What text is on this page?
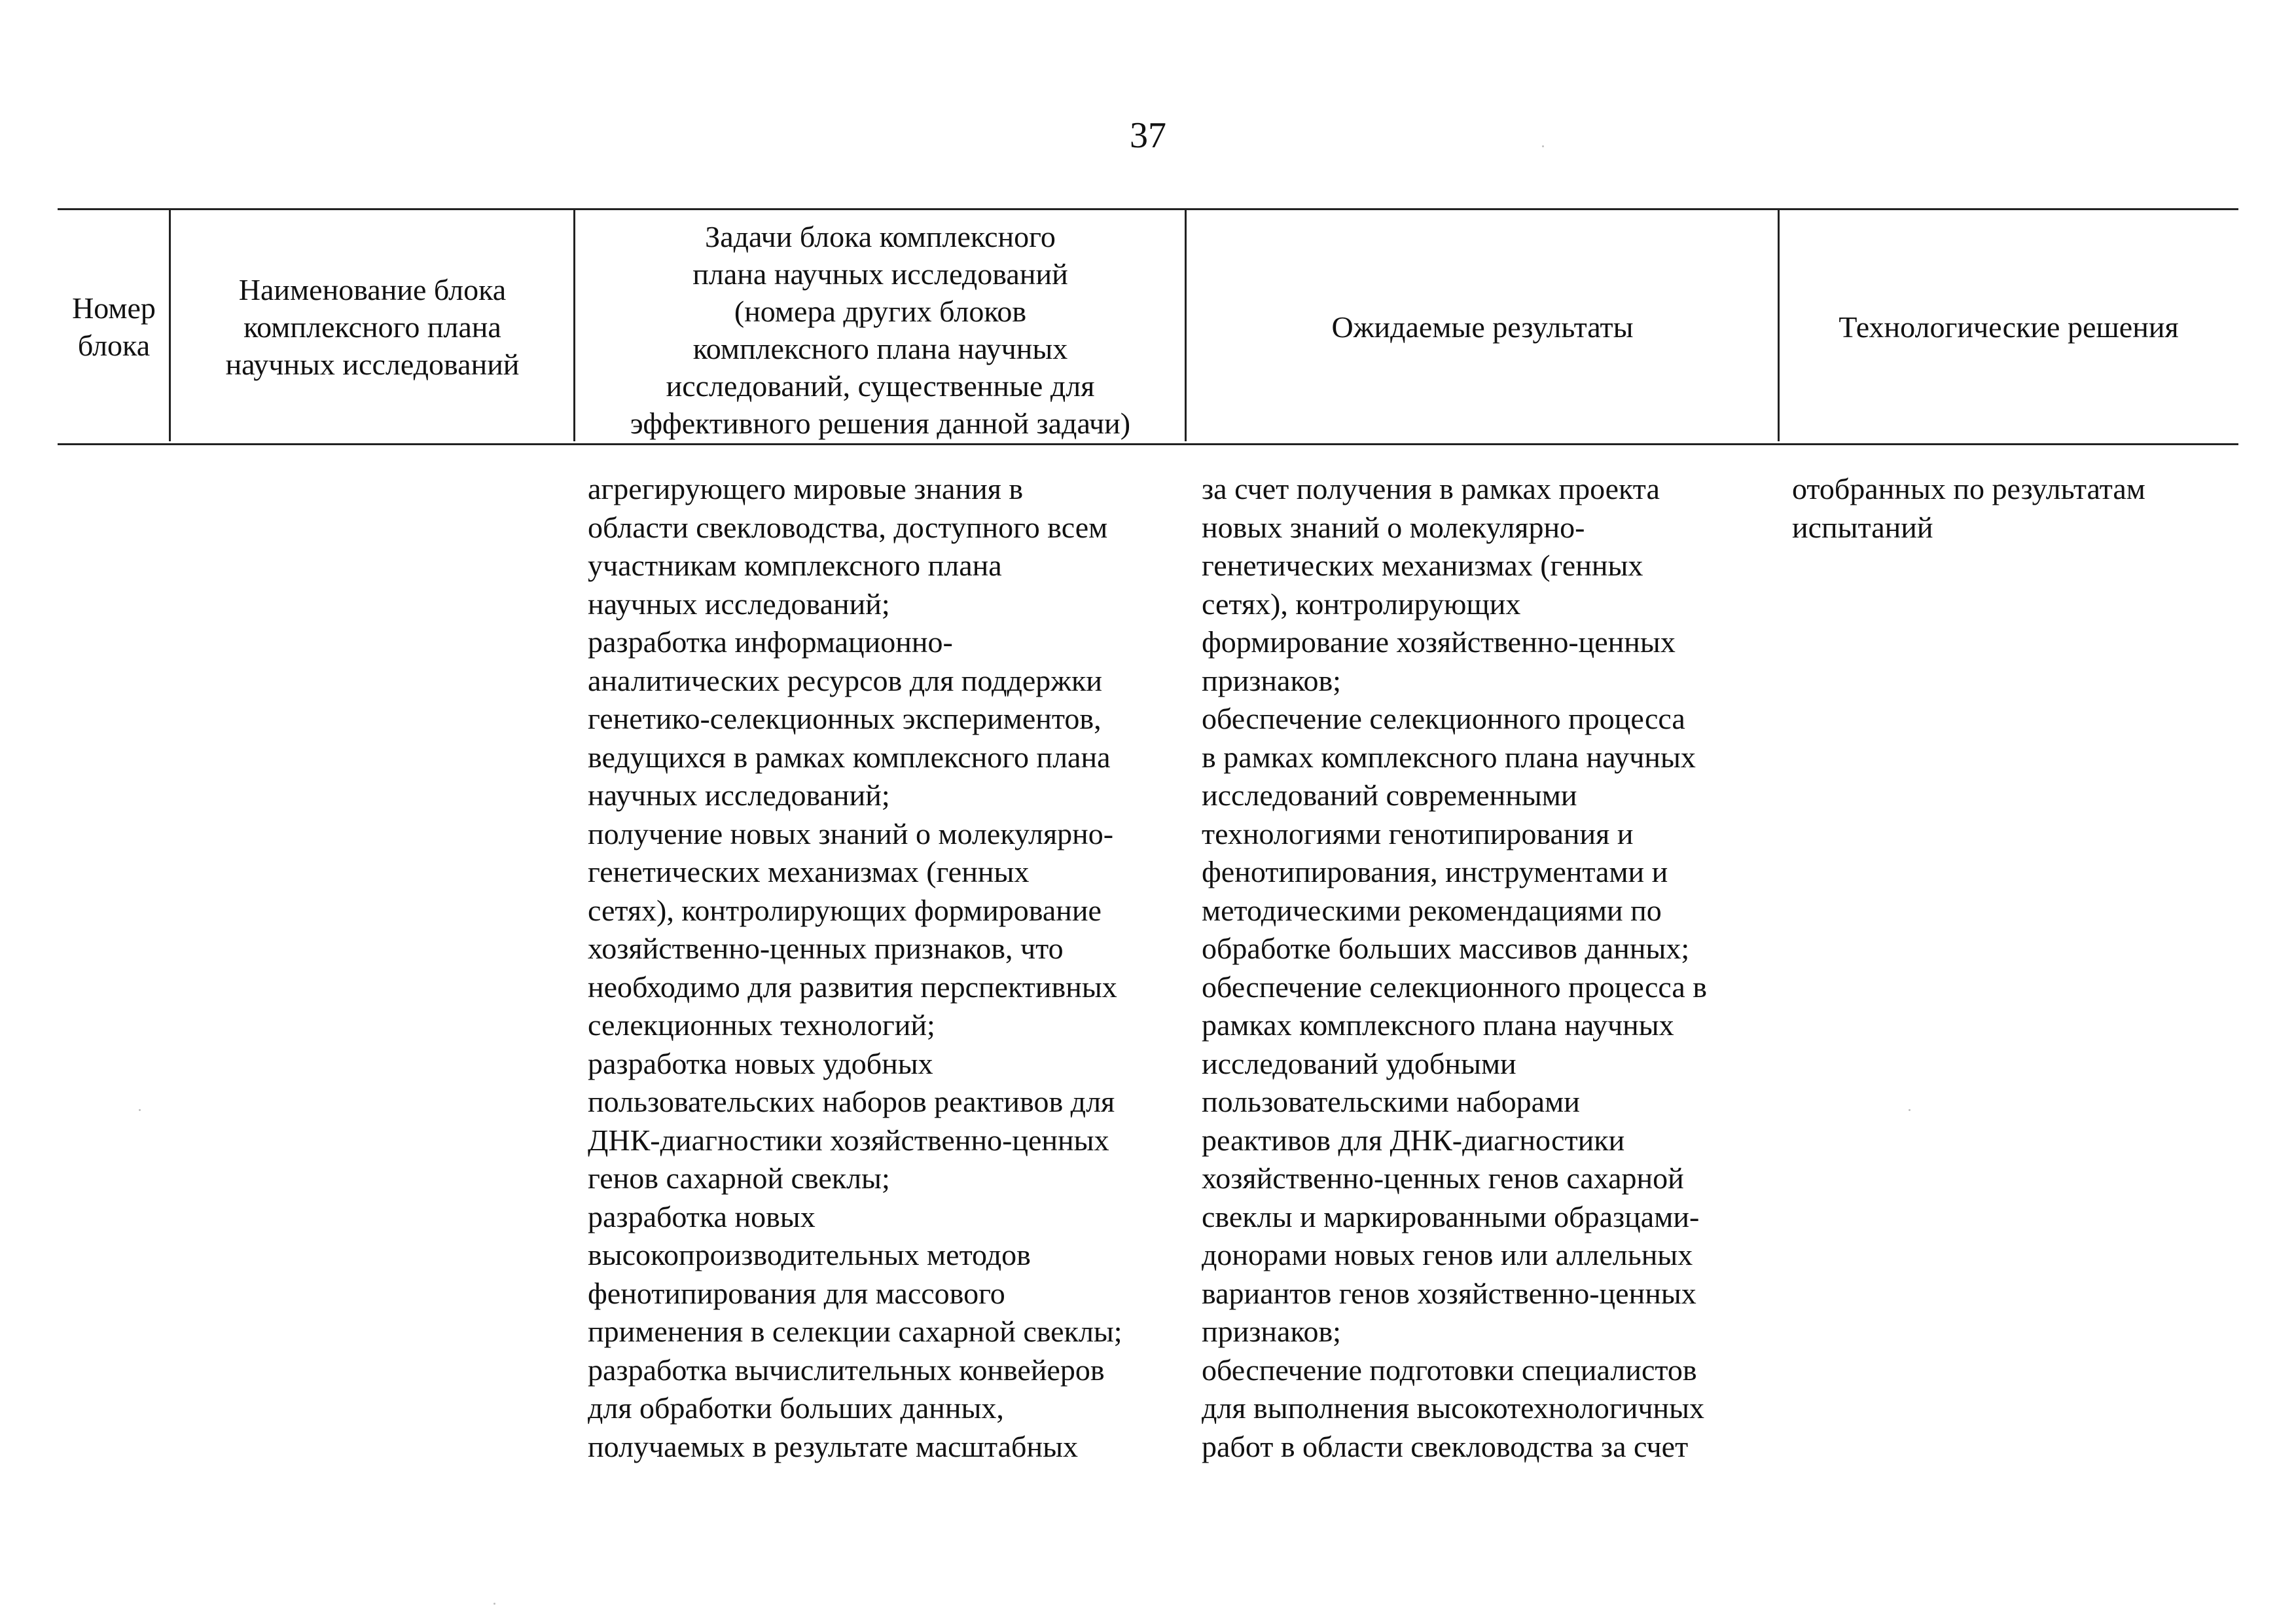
37
Номер
блока
Наименование блока
комплексного плана
научных исследований
Задачи блока комплексного
плана научных исследований
(номера других блоков
комплексного плана научных
исследований, существенные для
эффективного решения данной задачи)
Ожидаемые результаты	Технологические решения
агрегирующего мировые знания в
области свекловодства, доступного всем
участникам комплексного плана
научных исследований;
разработка информационно-
аналитических ресурсов для поддержки
генетико-селекционных экспериментов,
ведущихся в рамках комплексного плана
научных исследований;
получение новых знаний о молекулярно-
генетических механизмах (генных
сетях), контролирующих формирование
хозяйственно-ценных признаков, что
необходимо для развития перспективных
селекционных технологий;
разработка новых удобных
пользовательских наборов реактивов для
ДНК-диагностики хозяйственно-ценных
генов сахарной свеклы;
разработка новых
высокопроизводительных методов
фенотипирования для массового
применения в селекции сахарной свеклы;
разработка вычислительных конвейеров
для обработки больших данных,
получаемых в результате масштабных
за счет получения в рамках проекта
новых знаний о молекулярно-
генетических механизмах (генных
сетях), контролирующих
формирование хозяйственно-ценных
признаков;
обеспечение селекционного процесса
в рамках комплексного плана научных
исследований современными
технологиями генотипирования и
фенотипирования, инструментами и
методическими рекомендациями по
обработке больших массивов данных;
обеспечение селекционного процесса в
рамках комплексного плана научных
исследований удобными
пользовательскими наборами
реактивов для ДНК-диагностики
хозяйственно-ценных генов сахарной
свеклы и маркированными образцами-
донорами новых генов или аллельных
вариантов генов хозяйственно-ценных
признаков;
обеспечение подготовки специалистов
для выполнения высокотехнологичных
работ в области свекловодства за счет
отобранных по результатам
испытаний
